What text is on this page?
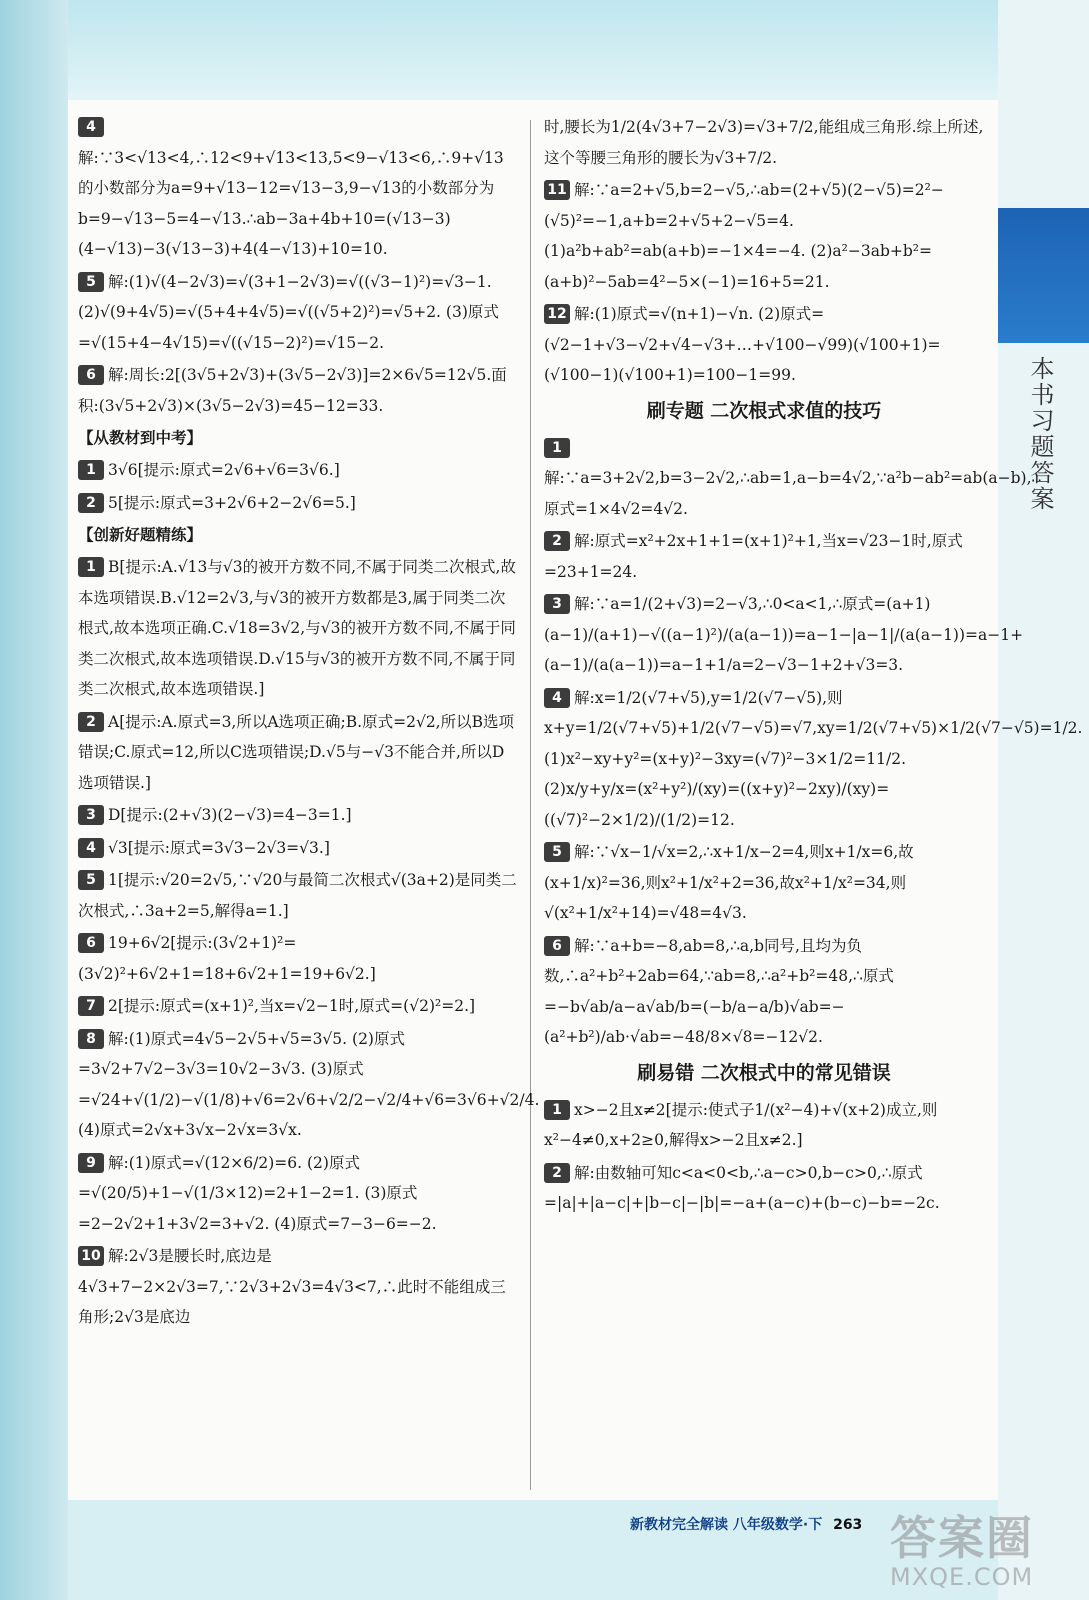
本书习题答案

4解:∵3<√13<4,∴12<9+√13<13,5<9−√13<6,∴9+√13的小数部分为a=9+√13−12=√13−3,9−√13的小数部分为b=9−√13−5=4−√13.∴ab−3a+4b+10=(√13−3)(4−√13)−3(√13−3)+4(4−√13)+10=10.

5 解:(1)√(4−2√3)=√(3+1−2√3)=√((√3−1)²)=√3−1. (2)√(9+4√5)=√(5+4+4√5)=√((√5+2)²)=√5+2. (3)原式=√(15+4−4√15)=√((√15−2)²)=√15−2.

6 解:周长:2[(3√5+2√3)+(3√5−2√3)]=2×6√5=12√5.面积:(3√5+2√3)×(3√5−2√3)=45−12=33.

【从教材到中考】

1 3√6[提示:原式=2√6+√6=3√6.]

2 5[提示:原式=3+2√6+2−2√6=5.]

【创新好题精练】

1 B[提示:A.√13与√3的被开方数不同,不属于同类二次根式,故本选项错误.B.√12=2√3,与√3的被开方数都是3,属于同类二次根式,故本选项正确.C.√18=3√2,与√3的被开方数不同,不属于同类二次根式,故本选项错误.D.√15与√3的被开方数不同,不属于同类二次根式,故本选项错误.]

2 A[提示:A.原式=3,所以A选项正确;B.原式=2√2,所以B选项错误;C.原式=12,所以C选项错误;D.√5与−√3不能合并,所以D选项错误.]

3 D[提示:(2+√3)(2−√3)=4−3=1.]

4 √3[提示:原式=3√3−2√3=√3.]

5 1[提示:√20=2√5,∵√20与最简二次根式√(3a+2)是同类二次根式,∴3a+2=5,解得a=1.]

6 19+6√2[提示:(3√2+1)²=(3√2)²+6√2+1=18+6√2+1=19+6√2.]

7 2[提示:原式=(x+1)²,当x=√2−1时,原式=(√2)²=2.]

8 解:(1)原式=4√5−2√5+√5=3√5. (2)原式=3√2+7√2−3√3=10√2−3√3. (3)原式=√24+√(1/2)−√(1/8)+√6=2√6+√2/2−√2/4+√6=3√6+√2/4. (4)原式=2√x+3√x−2√x=3√x.

9 解:(1)原式=√(12×6/2)=6. (2)原式=√(20/5)+1−√(1/3×12)=2+1−2=1. (3)原式=2−2√2+1+3√2=3+√2. (4)原式=7−3−6=−2.

10 解:2√3是腰长时,底边是4√3+7−2×2√3=7,∵2√3+2√3=4√3<7,∴此时不能组成三角形;2√3是底边

时,腰长为1/2(4√3+7−2√3)=√3+7/2,能组成三角形.综上所述,这个等腰三角形的腰长为√3+7/2.

11 解:∵a=2+√5,b=2−√5,∴ab=(2+√5)(2−√5)=2²−(√5)²=−1,a+b=2+√5+2−√5=4.(1)a²b+ab²=ab(a+b)=−1×4=−4. (2)a²−3ab+b²=(a+b)²−5ab=4²−5×(−1)=16+5=21.

12 解:(1)原式=√(n+1)−√n. (2)原式=(√2−1+√3−√2+√4−√3+…+√100−√99)(√100+1)=(√100−1)(√100+1)=100−1=99.

刷专题 二次根式求值的技巧

1解:∵a=3+2√2,b=3−2√2,∴ab=1,a−b=4√2,∵a²b−ab²=ab(a−b),∴原式=1×4√2=4√2.

2 解:原式=x²+2x+1+1=(x+1)²+1,当x=√23−1时,原式=23+1=24.

3 解:∵a=1/(2+√3)=2−√3,∴0<a<1,∴原式=(a+1)(a−1)/(a+1)−√((a−1)²)/(a(a−1))=a−1−|a−1|/(a(a−1))=a−1+(a−1)/(a(a−1))=a−1+1/a=2−√3−1+2+√3=3.

4 解:x=1/2(√7+√5),y=1/2(√7−√5),则x+y=1/2(√7+√5)+1/2(√7−√5)=√7,xy=1/2(√7+√5)×1/2(√7−√5)=1/2.(1)x²−xy+y²=(x+y)²−3xy=(√7)²−3×1/2=11/2. (2)x/y+y/x=(x²+y²)/(xy)=((x+y)²−2xy)/(xy)=((√7)²−2×1/2)/(1/2)=12.

5 解:∵√x−1/√x=2,∴x+1/x−2=4,则x+1/x=6,故(x+1/x)²=36,则x²+1/x²+2=36,故x²+1/x²=34,则√(x²+1/x²+14)=√48=4√3.

6 解:∵a+b=−8,ab=8,∴a,b同号,且均为负数,∴a²+b²+2ab=64,∵ab=8,∴a²+b²=48,∴原式=−b√ab/a−a√ab/b=(−b/a−a/b)√ab=−(a²+b²)/ab·√ab=−48/8×√8=−12√2.

刷易错 二次根式中的常见错误

1 x>−2且x≠2[提示:使式子1/(x²−4)+√(x+2)成立,则x²−4≠0,x+2≥0,解得x>−2且x≠2.]

2 解:由数轴可知c<a<0<b,∴a−c>0,b−c>0,∴原式=|a|+|a−c|+|b−c|−|b|=−a+(a−c)+(b−c)−b=−2c.

新教材完全解读 八年级数学·下 263 答案圈
MXQE.COM
